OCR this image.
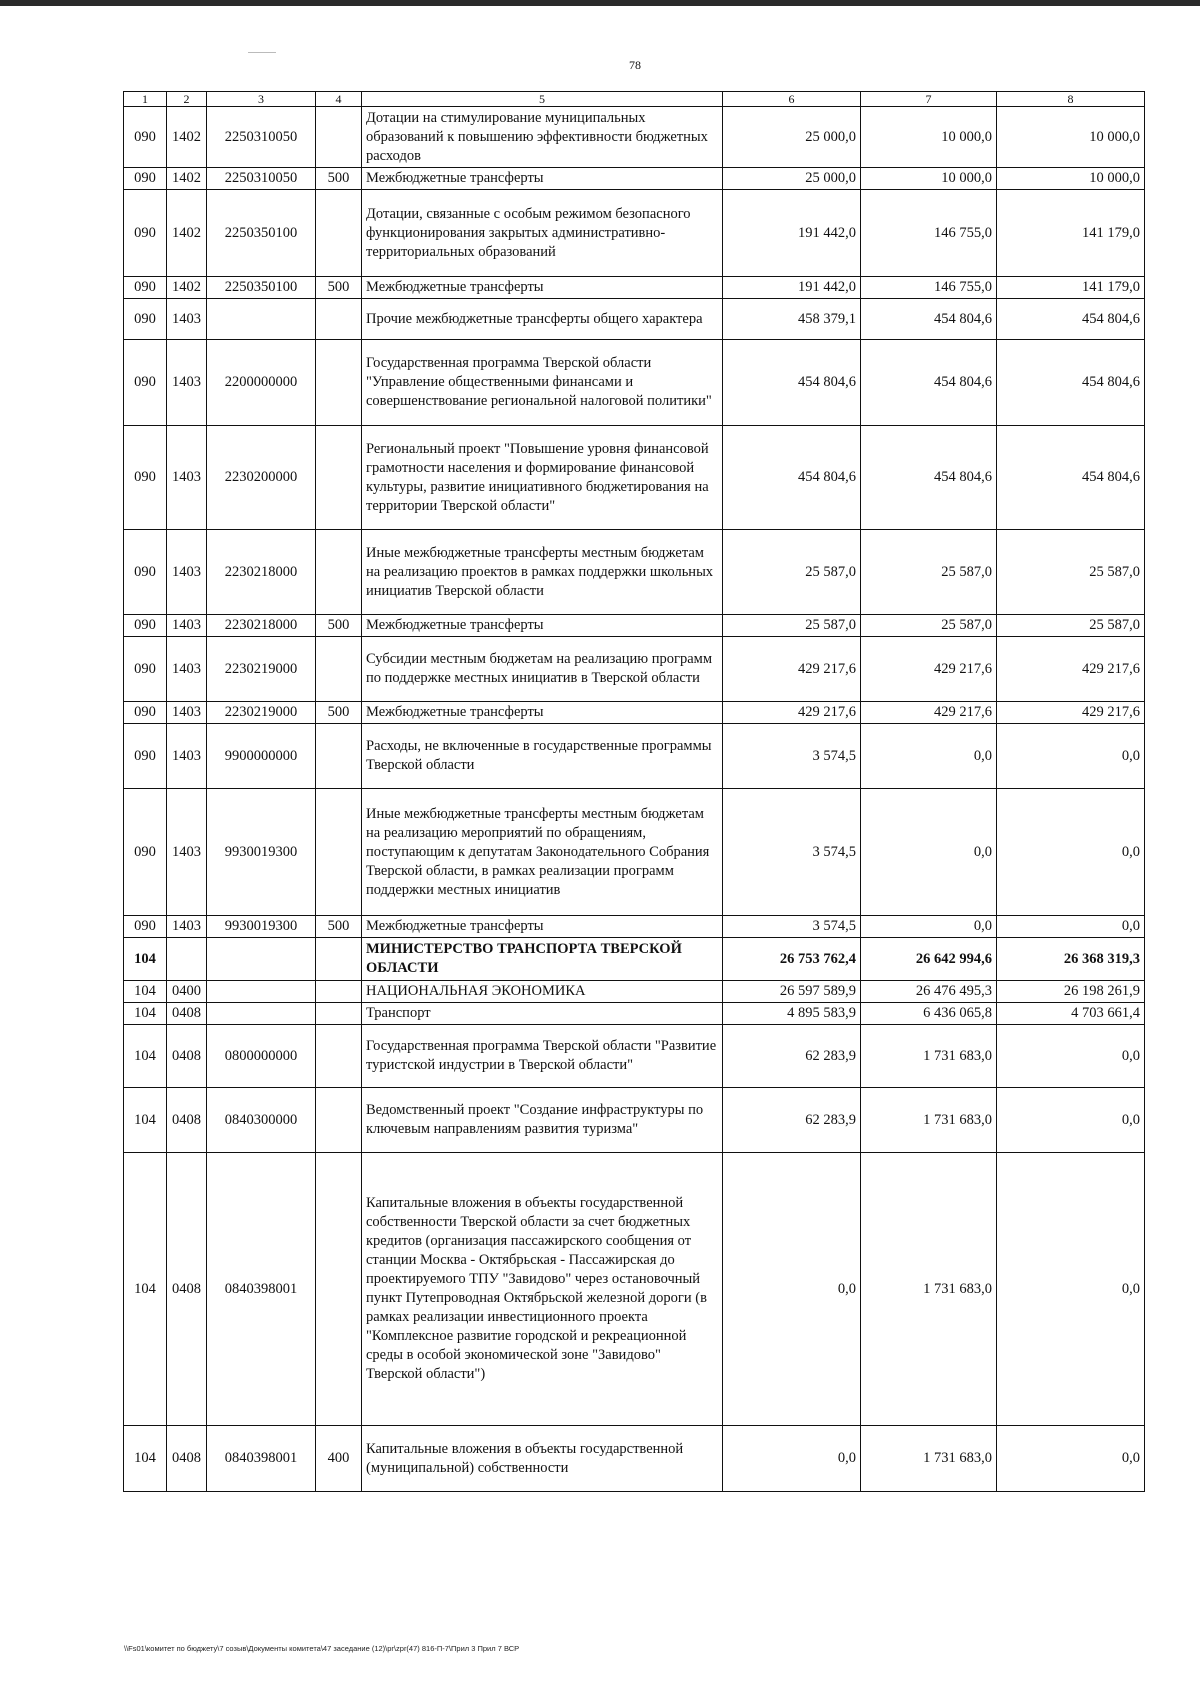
78
1	2	3	4	5	6	7	8
090	1402	2250310050		Дотации на стимулирование муниципальных образований к повышению эффективности бюджетных расходов	25 000,0	10 000,0	10 000,0
090	1402	2250310050	500	Межбюджетные трансферты	25 000,0	10 000,0	10 000,0
090	1402	2250350100		Дотации, связанные с особым режимом безопасного функционирования закрытых административно-территориальных образований	191 442,0	146 755,0	141 179,0
090	1402	2250350100	500	Межбюджетные трансферты	191 442,0	146 755,0	141 179,0
090	1403			Прочие межбюджетные трансферты общего характера	458 379,1	454 804,6	454 804,6
090	1403	2200000000		Государственная программа Тверской области "Управление общественными финансами и совершенствование региональной налоговой политики"	454 804,6	454 804,6	454 804,6
090	1403	2230200000		Региональный проект "Повышение уровня финансовой грамотности населения и формирование финансовой культуры, развитие инициативного бюджетирования на территории Тверской области"	454 804,6	454 804,6	454 804,6
090	1403	2230218000		Иные межбюджетные трансферты местным бюджетам на реализацию проектов в рамках поддержки школьных инициатив Тверской области	25 587,0	25 587,0	25 587,0
090	1403	2230218000	500	Межбюджетные трансферты	25 587,0	25 587,0	25 587,0
090	1403	2230219000		Субсидии местным бюджетам на реализацию программ по поддержке местных инициатив в Тверской области	429 217,6	429 217,6	429 217,6
090	1403	2230219000	500	Межбюджетные трансферты	429 217,6	429 217,6	429 217,6
090	1403	9900000000		Расходы, не включенные в государственные программы Тверской области	3 574,5	0,0	0,0
090	1403	9930019300		Иные межбюджетные трансферты местным бюджетам на реализацию мероприятий по обращениям, поступающим к депутатам Законодательного Собрания Тверской области, в рамках реализации программ поддержки местных инициатив	3 574,5	0,0	0,0
090	1403	9930019300	500	Межбюджетные трансферты	3 574,5	0,0	0,0
104				МИНИСТЕРСТВО ТРАНСПОРТА ТВЕРСКОЙ ОБЛАСТИ	26 753 762,4	26 642 994,6	26 368 319,3
104	0400			НАЦИОНАЛЬНАЯ ЭКОНОМИКА	26 597 589,9	26 476 495,3	26 198 261,9
104	0408			Транспорт	4 895 583,9	6 436 065,8	4 703 661,4
104	0408	0800000000		Государственная программа Тверской области "Развитие туристской индустрии в Тверской области"	62 283,9	1 731 683,0	0,0
104	0408	0840300000		Ведомственный проект "Создание инфраструктуры по ключевым направлениям развития туризма"	62 283,9	1 731 683,0	0,0
104	0408	0840398001		Капитальные вложения в объекты государственной собственности Тверской области за счет бюджетных кредитов (организация пассажирского сообщения от станции Москва - Октябрьская - Пассажирская до проектируемого ТПУ "Завидово" через остановочный пункт Путепроводная Октябрьской железной дороги (в рамках реализации инвестиционного проекта "Комплексное развитие городской и рекреационной среды в особой экономической зоне "Завидово" Тверской области")	0,0	1 731 683,0	0,0
104	0408	0840398001	400	Капитальные вложения в объекты государственной (муниципальной) собственности	0,0	1 731 683,0	0,0
\\Fs01\комитет по бюджету\7 созыв\Документы комитета\47 заседание (12)\pr\zpr(47) 816-П-7\Прил 3 Прил 7 ВСР
